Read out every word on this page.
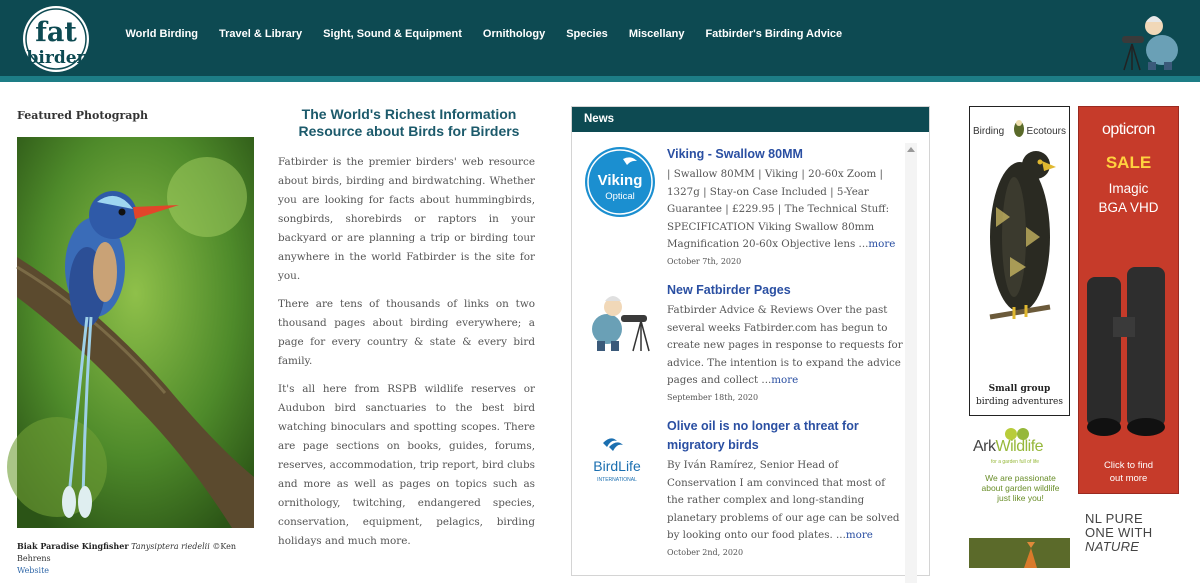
fat
birder
World Birding	Travel & Library	Sight, Sound & Equipment	Ornithology	Species	Miscellany	Fatbirder's Birding Advice
Featured Photograph
Biak Paradise Kingfisher Tanysiptera riedelii ©Ken Behrens
Website
The World's Richest Information Resource about Birds for Birders

Fatbirder is the premier birders' web resource about birds, birding and birdwatching. Whether you are looking for facts about hummingbirds, songbirds, shorebirds or raptors in your backyard or are planning a trip or birding tour anywhere in the world Fatbirder is the site for you.

There are tens of thousands of links on two thousand pages about birding everywhere; a page for every country & state & every bird family.

It's all here from RSPB wildlife reserves or Audubon bird sanctuaries to the best bird watching binoculars and spotting scopes. There are page sections on books, guides, forums, reserves, accommodation, trip report, bird clubs and more as well as pages on topics such as ornithology, twitching, endangered species, conservation, equipment, pelagics, birding holidays and much more.

News
Viking
Optical
Viking - Swallow 80MM
| Swallow 80MM | Viking | 20-60x Zoom | 1327g | Stay-on Case Included | 5-Year Guarantee | £229.95 | The Technical Stuff: SPECIFICATION Viking Swallow 80mm Magnification 20-60x Objective lens ...more
October 7th, 2020
New Fatbirder Pages
Fatbirder Advice & Reviews Over the past several weeks Fatbirder.com has begun to create new pages in response to requests for advice. The intention is to expand the advice pages and collect ...more
September 18th, 2020
BirdLife
INTERNATIONAL
Olive oil is no longer a threat for migratory birds
By Iván Ramírez, Senior Head of Conservation I am convinced that most of the rather complex and long-standing planetary problems of our age can be solved by looking onto our food plates. ...more
October 2nd, 2020
Birding Ecotours
Small group
birding adventures
opticron
SALE
Imagic
BGA VHD
Click to find
out more
ArkWildlife
for a garden full of life
We are passionate
about garden wildlife
just like you!
NL PURE
ONE WITH
NATURE
